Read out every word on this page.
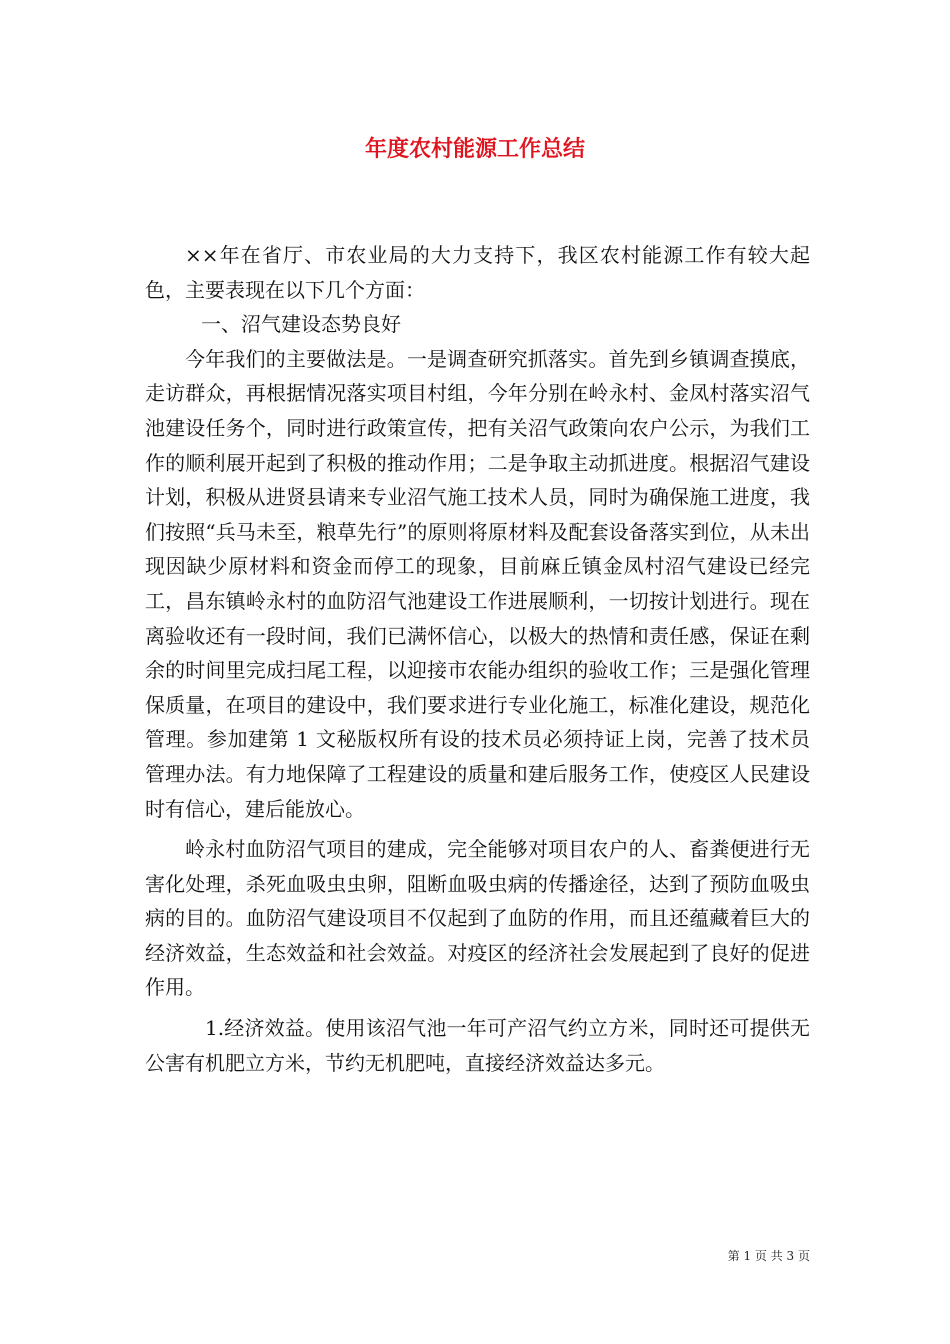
年度农村能源工作总结

××年在省厅、市农业局的大力支持下，我区农村能源工作有较大起色，主要表现在以下几个方面：

一、沼气建设态势良好

今年我们的主要做法是。一是调查研究抓落实。首先到乡镇调查摸底，走访群众，再根据情况落实项目村组，今年分别在岭永村、金凤村落实沼气池建设任务个，同时进行政策宣传，把有关沼气政策向农户公示，为我们工作的顺利展开起到了积极的推动作用；二是争取主动抓进度。根据沼气建设计划，积极从进贤县请来专业沼气施工技术人员，同时为确保施工进度，我们按照“兵马未至，粮草先行”的原则将原材料及配套设备落实到位，从未出现因缺少原材料和资金而停工的现象，目前麻丘镇金凤村沼气建设已经完工，昌东镇岭永村的血防沼气池建设工作进展顺利，一切按计划进行。现在离验收还有一段时间，我们已满怀信心，以极大的热情和责任感，保证在剩余的时间里完成扫尾工程，以迎接市农能办组织的验收工作；三是强化管理保质量，在项目的建设中，我们要求进行专业化施工，标准化建设，规范化管理。参加建第 1 文秘版权所有设的技术员必须持证上岗，完善了技术员管理办法。有力地保障了工程建设的质量和建后服务工作，使疫区人民建设时有信心，建后能放心。

岭永村血防沼气项目的建成，完全能够对项目农户的人、畜粪便进行无害化处理，杀死血吸虫虫卵，阻断血吸虫病的传播途径，达到了预防血吸虫病的目的。血防沼气建设项目不仅起到了血防的作用，而且还蕴藏着巨大的经济效益，生态效益和社会效益。对疫区的经济社会发展起到了良好的促进作用。

1.经济效益。使用该沼气池一年可产沼气约立方米，同时还可提供无公害有机肥立方米，节约无机肥吨，直接经济效益达多元。

第 1 页 共 3 页
